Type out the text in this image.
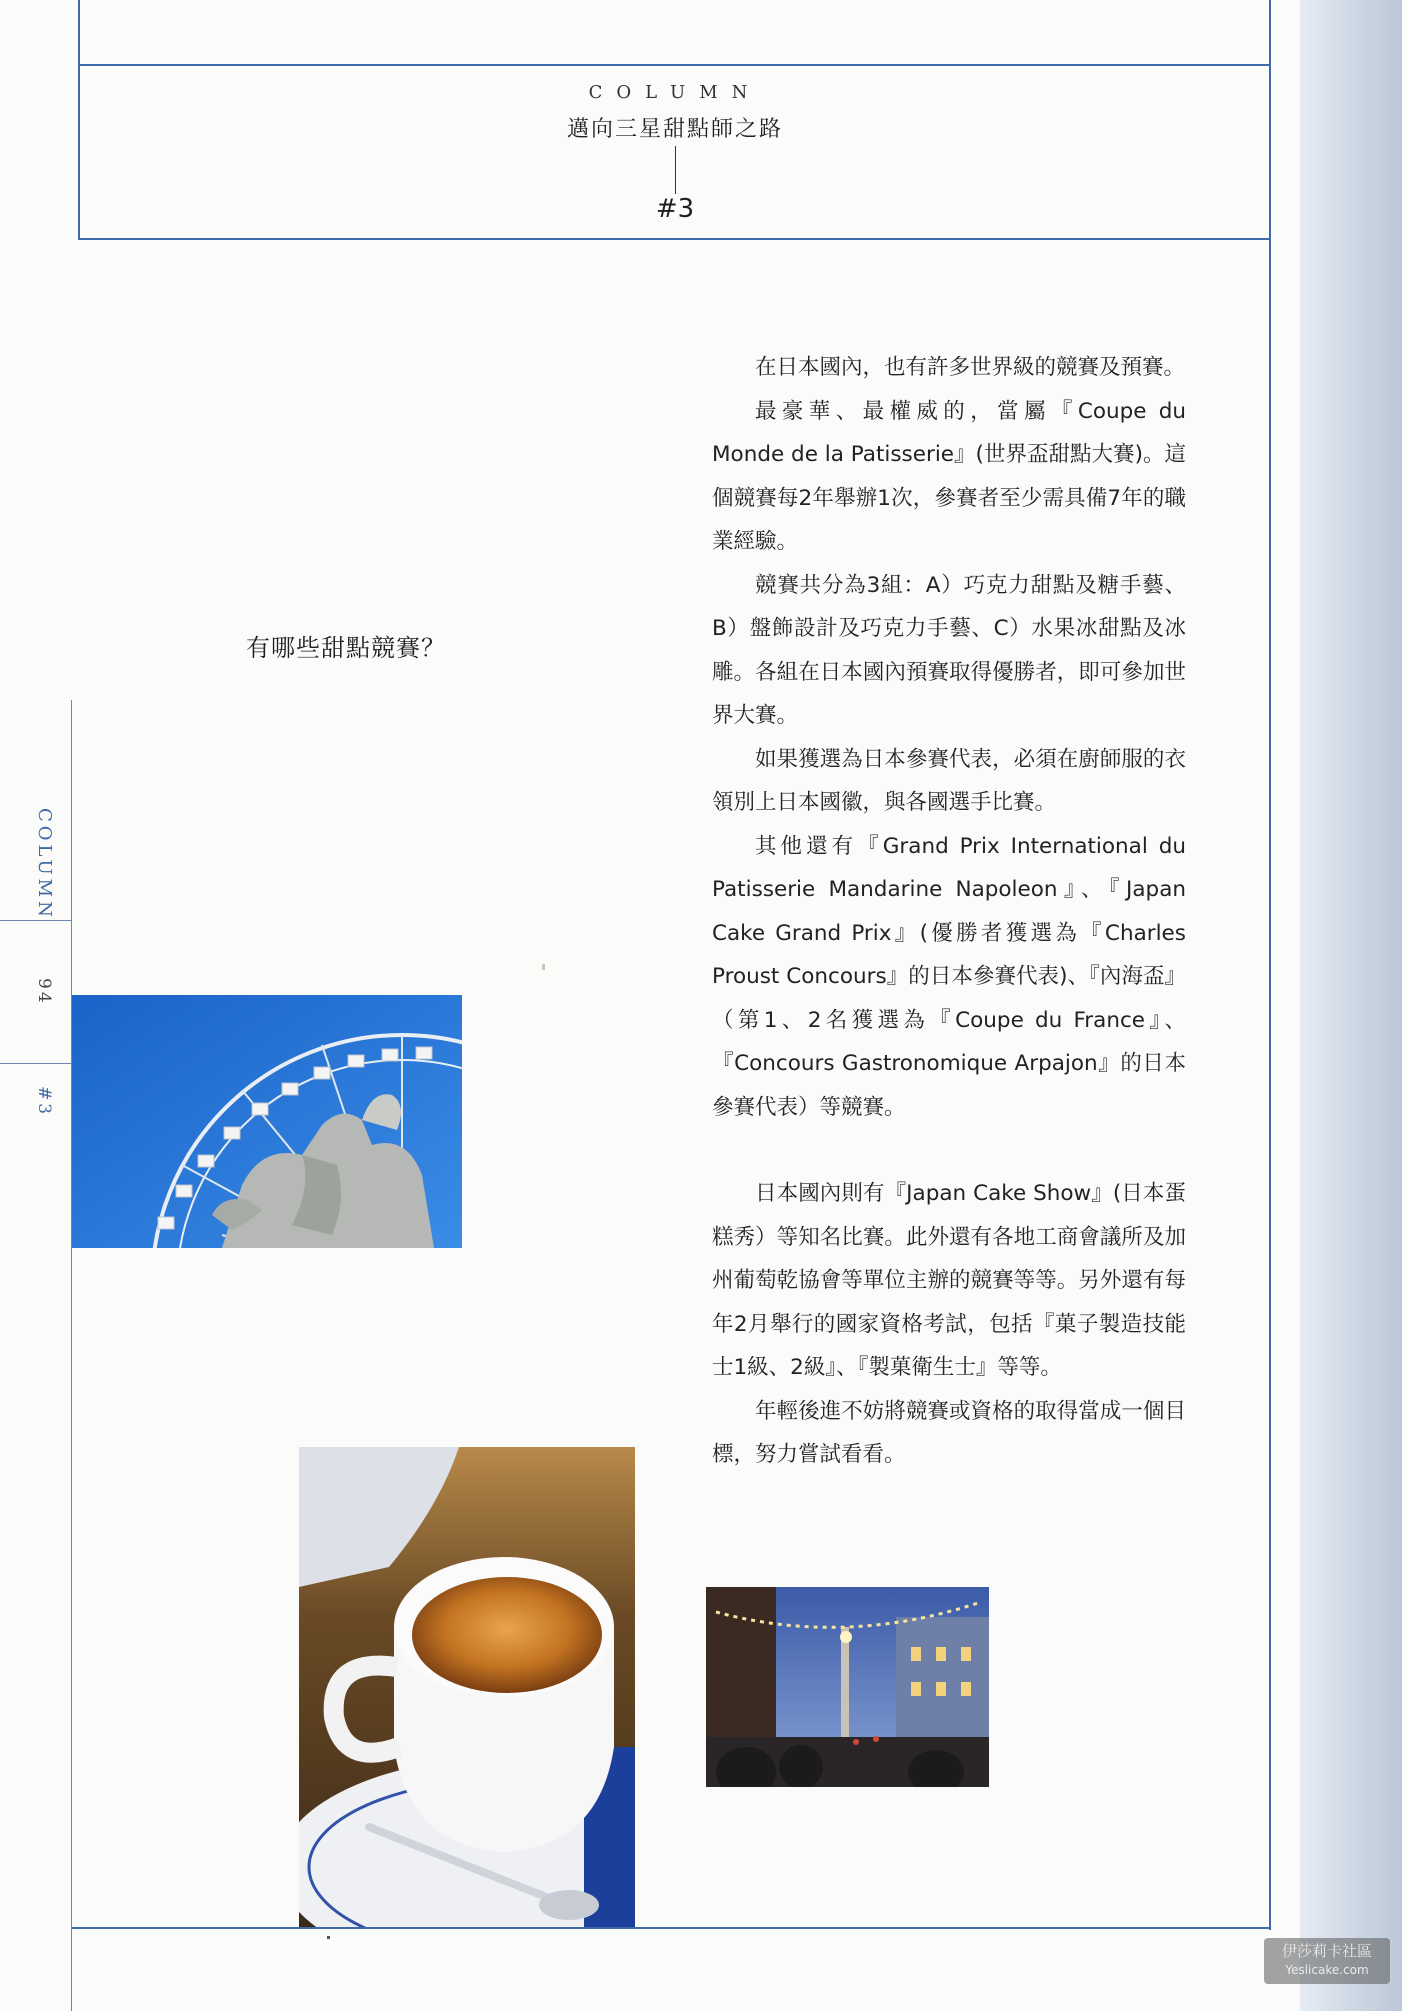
COLUMN
邁向三星甜點師之路
#3
COLUMN
94
#3
有哪些甜點競賽？

在日本國內，也有許多世界級的競賽及預賽。

最豪華、最權威的，當屬『Coupe du Monde de la Patisserie』(世界盃甜點大賽)。這個競賽每2年舉辦1次，參賽者至少需具備7年的職業經驗。

競賽共分為3組：A）巧克力甜點及糖手藝、B）盤飾設計及巧克力手藝、C）水果冰甜點及冰雕。各組在日本國內預賽取得優勝者，即可參加世界大賽。

如果獲選為日本參賽代表，必須在廚師服的衣領別上日本國徽，與各國選手比賽。

其他還有『Grand Prix International du Patisserie Mandarine Napoleon』、『Japan Cake Grand Prix』(優勝者獲選為『Charles Proust Concours』的日本參賽代表)、『內海盃』（第1、2名獲選為『Coupe du France』、『Concours Gastronomique Arpajon』的日本參賽代表）等競賽。

日本國內則有『Japan Cake Show』(日本蛋糕秀）等知名比賽。此外還有各地工商會議所及加州葡萄乾協會等單位主辦的競賽等等。另外還有每年2月舉行的國家資格考試，包括『菓子製造技能士1級、2級』、『製菓衛生士』等等。

年輕後進不妨將競賽或資格的取得當成一個目標，努力嘗試看看。

伊莎莉卡社區
Yeslicake.com
